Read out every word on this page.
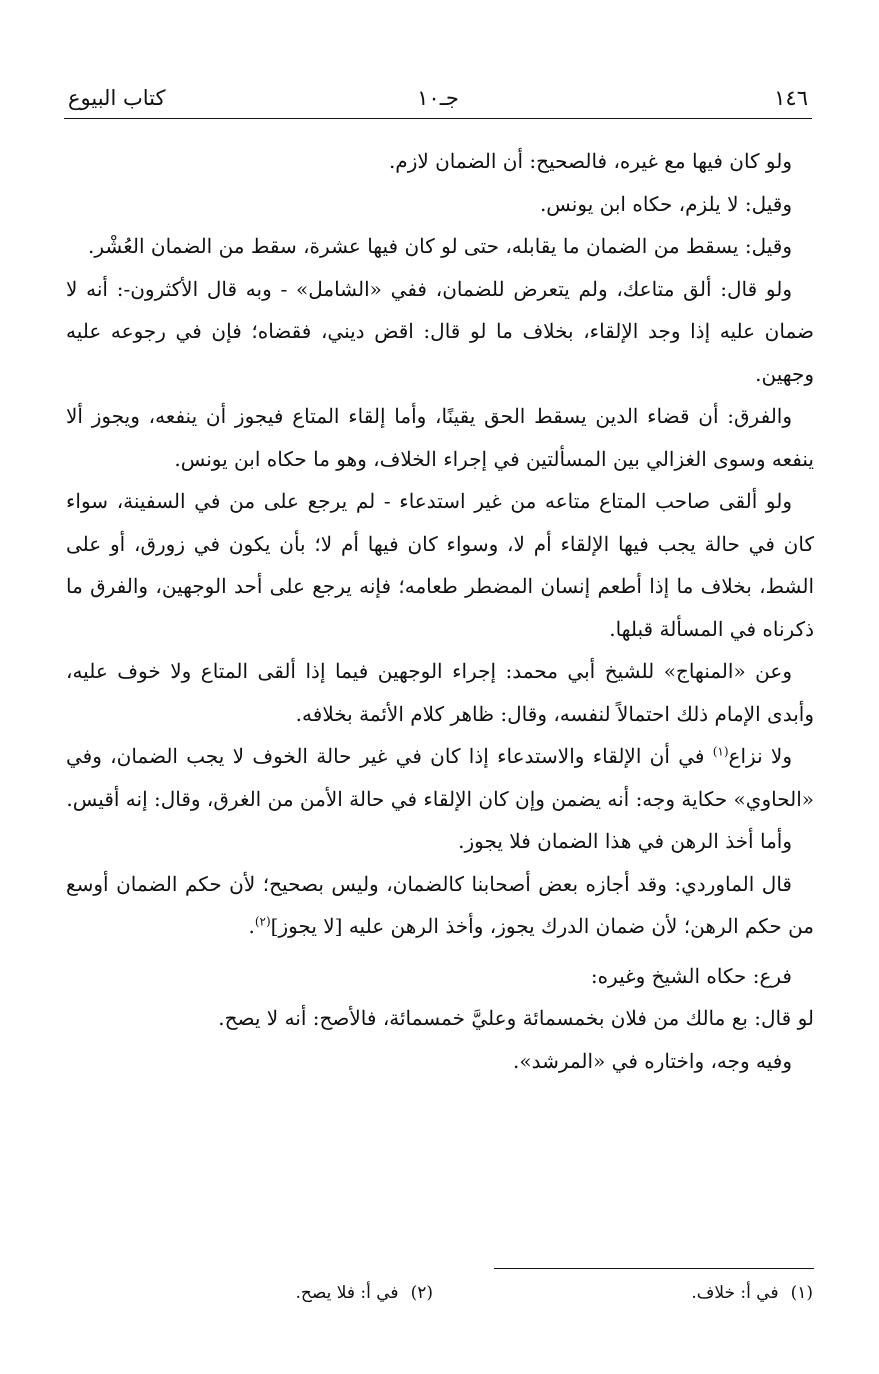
١٤٦
جـ١٠
كتاب البيوع

ولو كان فيها مع غيره، فالصحيح: أن الضمان لازم.

وقيل: لا يلزم، حكاه ابن يونس.

وقيل: يسقط من الضمان ما يقابله، حتى لو كان فيها عشرة، سقط من الضمان العُشْر.

ولو قال: ألق متاعك، ولم يتعرض للضمان، ففي «الشامل» - وبه قال الأكثرون-: أنه لا ضمان عليه إذا وجد الإلقاء، بخلاف ما لو قال: اقض ديني، فقضاه؛ فإن في رجوعه عليه وجهين.

والفرق: أن قضاء الدين يسقط الحق يقينًا، وأما إلقاء المتاع فيجوز أن ينفعه، ويجوز ألا ينفعه وسوى الغزالي بين المسألتين في إجراء الخلاف، وهو ما حكاه ابن يونس.

ولو ألقى صاحب المتاع متاعه من غير استدعاء - لم يرجع على من في السفينة، سواء كان في حالة يجب فيها الإلقاء أم لا، وسواء كان فيها أم لا؛ بأن يكون في زورق، أو على الشط، بخلاف ما إذا أطعم إنسان المضطر طعامه؛ فإنه يرجع على أحد الوجهين، والفرق ما ذكرناه في المسألة قبلها.

وعن «المنهاج» للشيخ أبي محمد: إجراء الوجهين فيما إذا ألقى المتاع ولا خوف عليه، وأبدى الإمام ذلك احتمالاً لنفسه، وقال: ظاهر كلام الأئمة بخلافه.

ولا نزاع$^{(١)}$ في أن الإلقاء والاستدعاء إذا كان في غير حالة الخوف لا يجب الضمان، وفي «الحاوي» حكاية وجه: أنه يضمن وإن كان الإلقاء في حالة الأمن من الغرق، وقال: إنه أقيس.

وأما أخذ الرهن في هذا الضمان فلا يجوز.

قال الماوردي: وقد أجازه بعض أصحابنا كالضمان، وليس بصحيح؛ لأن حكم الضمان أوسع من حكم الرهن؛ لأن ضمان الدرك يجوز، وأخذ الرهن عليه [لا يجوز]$^{(٢)}$.

فرع: حكاه الشيخ وغيره:

لو قال: بع مالك من فلان بخمسمائة وعليَّ خمسمائة، فالأصح: أنه لا يصح.

وفيه وجه، واختاره في «المرشد».

(١)في أ: خلاف.
(٢)في أ: فلا يصح.
